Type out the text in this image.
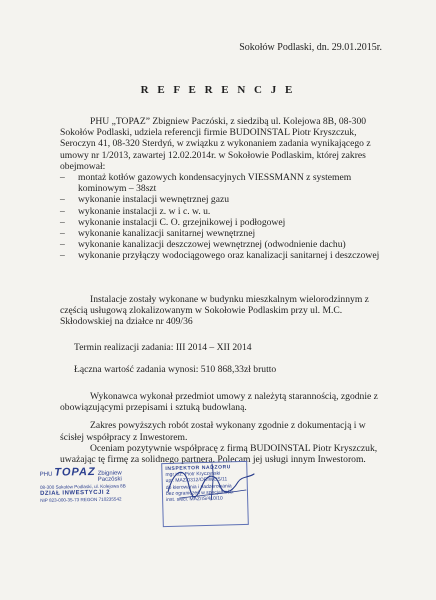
Sokołów Podlaski, dn. 29.01.2015r.
R E F E R E N C J E
PHU „TOPAZ” Zbigniew Paczóski, z siedzibą ul. Kolejowa 8B, 08-300 Sokołów Podlaski, udziela referencji firmie BUDOINSTAL Piotr Kryszczuk, Seroczyn 41, 08-320 Sterdyń, w związku z wykonaniem zadania wynikającego z umowy nr 1/2013, zawartej 12.02.2014r. w Sokołowie Podlaskim, której zakres obejmował:
–	montaż kotłów gazowych kondensacyjnych VIESSMANN z systemem kominowym – 38szt
–	wykonanie instalacji wewnętrznej gazu
–	wykonanie instalacji z. w i c. w. u.
–	wykonanie instalacji C. O. grzejnikowej i podłogowej
–	wykonanie kanalizacji sanitarnej wewnętrznej
–	wykonanie kanalizacji deszczowej wewnętrznej (odwodnienie dachu)
–	wykonanie przyłączy wodociągowego oraz kanalizacji sanitarnej i deszczowej
Instalacje zostały wykonane w budynku mieszkalnym wielorodzinnym z częścią usługową zlokalizowanym w Sokołowie Podlaskim przy ul. M.C. Skłodowskiej na działce nr 409/36
Termin realizacji zadania: III 2014 – XII 2014
Łączna wartość zadania wynosi: 510 868,33zł brutto

Wykonawca wykonał przedmiot umowy z należytą starannością, zgodnie z obowiązującymi przepisami i sztuką budowlaną.

Zakres powyższych robót został wykonany zgodnie z dokumentacją i w ścisłej współpracy z Inwestorem.

Oceniam pozytywnie współpracę z firmą BUDOINSTAL Piotr Kryszczuk, uważając tę firmę za solidnego partnera. Polecam jej usługi innym Inwestorom.

PHU TOPAZ Zbigniew Paczóski
08-300 Sokołów Podlaski, ul. Kolejowa 8B
DZIAŁ INWESTYCJI 2
NIP 823-000-35-73 REGON 710235542
INSPEKTOR NADZORU
mgr inż. Piotr Kryczynski
upr. MAZ/0312/ORIWOŚ/11
do kierowania i nadzorowania
bez ograniczeń w specjalności
inst. sieci. MAZ/IŚ/410/10
